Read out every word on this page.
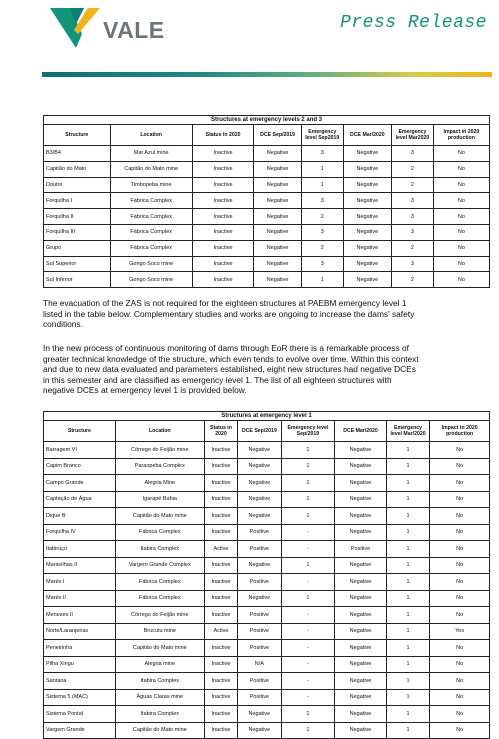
VALE	Press Release
Structures at emergency levels 2 and 3							
Structure	Location	Status in 2020	DCE Sep/2019	Emergency level Sep2019	DCE Mar/2020	Emergency level Mar2020	Impact in 2020 production
B3/B4	Mar Azul mine	Inactive	Negative	3	Negative	3	No
Capitão do Mato	Capitão do Mato mine	Inactive	Negative	1	Negative	2	No
Doutor	Timbopeba mine	Inactive	Negative	1	Negative	2	No
Forquilha I	Fábrica Complex	Inactive	Negative	3	Negative	3	No
Forquilha II	Fábrica Complex	Inactive	Negative	2	Negative	3	No
Forquilha III	Fábrica Complex	Inactive	Negative	3	Negative	3	No
Grupo	Fábrica Complex	Inactive	Negative	2	Negative	2	No
Sul Superior	Gongo Soco mine	Inactive	Negative	3	Negative	3	No
Sul Inferior	Gongo Soco mine	Inactive	Negative	1	Negative	2	No
The evacuation of the ZAS is not required for the eighteen structures at PAEBM emergency level 1
listed in the table below. Complementary studies and works are ongoing to increase the dams' safety
conditions.
In the new process of continuous monitoring of dams through EoR there is a remarkable process of
greater technical knowledge of the structure, which even tends to evolve over time. Within this context
and due to new data evaluated and parameters established, eight new structures had negative DCEs
in this semester and are classified as emergency level 1. The list of all eighteen structures with
negative DCEs at emergency level 1 is provided below.
Structures at emergency level 1							
Structure	Location	Status in 2020	DCE Sep/2019	Emergency level Sep/2019	DCE Mar/2020	Emergency level Mar/2020	Impact to 2020 production
Barragem VI	Córrego do Feijão mine	Inactive	Negative	1	Negative	1	No
Capim Branco	Paraopeba Complex	Inactive	Negative	1	Negative	1	No
Campo Grande	Alegria Mine	Inactive	Negative	1	Negative	1	No
Captação de Água	Igarapé Bahia	Inactive	Negative	1	Negative	1	No
Dique B	Capitão do Mato mine	Inactive	Negative	1	Negative	1	No
Forquilha IV	Fábrica Complex	Inactive	Positive	-	Negative	1	No
Itabiruçu	Itabira Complex	Active	Positive	-	Positive	1	No
Maravilhas II	Vargem Grande Complex	Inactive	Negative	1	Negative	1	No
Marés I	Fábrica Complex	Inactive	Positive	-	Negative	1	No
Marés II	Fábrica Complex	Inactive	Negative	1	Negative	1	No
Menezes II	Córrego do Feijão mine	Inactive	Positive	-	Negative	1	No
Norte/Laranjeiras	Brucutu mine	Active	Positive	-	Negative	1	Yes
Peneirinha	Capitão do Mato mine	Inactive	Positive	-	Negative	1	No
Pilha Xingu	Alegria mine	Inactive	N/A	-	Negative	1	No
Santana	Itabira Complex	Inactive	Positive	-	Negative	1	No
Sistema 5 (MAC)	Águas Claras mine	Inactive	Positive	-	Negative	1	No
Sistema Pontal	Itabira Complex	Inactive	Negative	1	Negative	1	No
Vargem Grande	Capitão do Mato mine	Inactive	Negative	1	Negative	1	No
